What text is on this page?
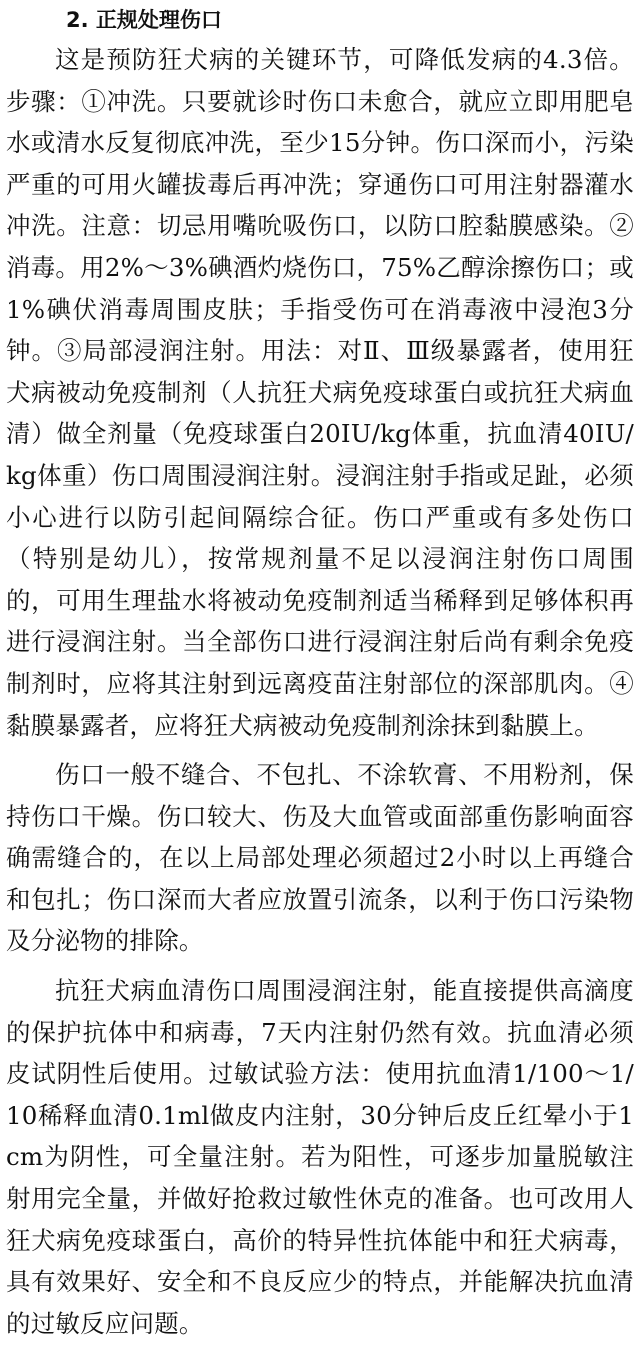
2. 正规处理伤口

这是预防狂犬病的关键环节，可降低发病的4.3倍。步骤：①冲洗。只要就诊时伤口未愈合，就应立即用肥皂水或清水反复彻底冲洗，至少15分钟。伤口深而小，污染严重的可用火罐拔毒后再冲洗；穿通伤口可用注射器灌水冲洗。注意：切忌用嘴吮吸伤口，以防口腔黏膜感染。②消毒。用2%～3%碘酒灼烧伤口，75%乙醇涂擦伤口；或1%碘伏消毒周围皮肤；手指受伤可在消毒液中浸泡3分钟。③局部浸润注射。用法：对Ⅱ、Ⅲ级暴露者，使用狂犬病被动免疫制剂（人抗狂犬病免疫球蛋白或抗狂犬病血清）做全剂量（免疫球蛋白20IU/kg体重，抗血清40IU/kg体重）伤口周围浸润注射。浸润注射手指或足趾，必须小心进行以防引起间隔综合征。伤口严重或有多处伤口（特别是幼儿），按常规剂量不足以浸润注射伤口周围的，可用生理盐水将被动免疫制剂适当稀释到足够体积再进行浸润注射。当全部伤口进行浸润注射后尚有剩余免疫制剂时，应将其注射到远离疫苗注射部位的深部肌肉。④黏膜暴露者，应将狂犬病被动免疫制剂涂抹到黏膜上。

伤口一般不缝合、不包扎、不涂软膏、不用粉剂，保持伤口干燥。伤口较大、伤及大血管或面部重伤影响面容确需缝合的，在以上局部处理必须超过2小时以上再缝合和包扎；伤口深而大者应放置引流条，以利于伤口污染物及分泌物的排除。

抗狂犬病血清伤口周围浸润注射，能直接提供高滴度的保护抗体中和病毒，7天内注射仍然有效。抗血清必须皮试阴性后使用。过敏试验方法：使用抗血清1/100～1/10稀释血清0.1ml做皮内注射，30分钟后皮丘红晕小于1cm为阴性，可全量注射。若为阳性，可逐步加量脱敏注射用完全量，并做好抢救过敏性休克的准备。也可改用人狂犬病免疫球蛋白，高价的特异性抗体能中和狂犬病毒，具有效果好、安全和不良反应少的特点，并能解决抗血清的过敏反应问题。
